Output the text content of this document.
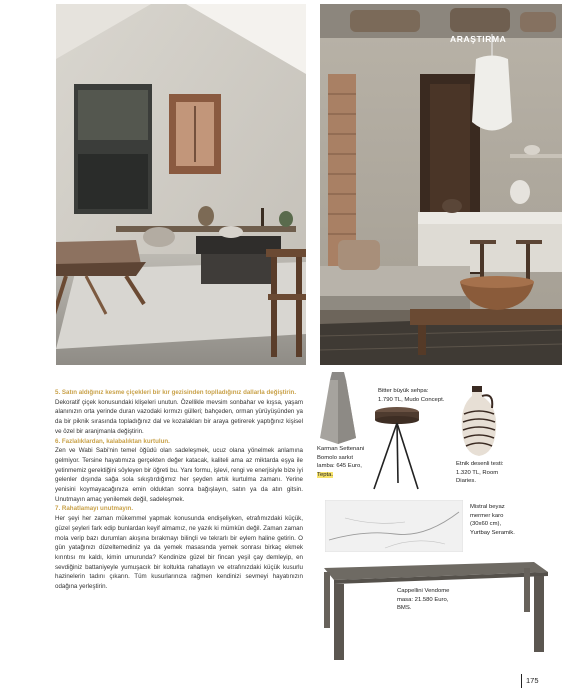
ARAŞTIRMA

5. Satın aldığınız kesme çiçekleri bir kır gezisinden toplladığınız dallarla değiştirin.

Dekoratif çiçek konusundaki klişeleri unutun. Özellikle mevsim sonbahar ve kışsa, yaşam alanınızın orta yerinde duran vazodaki kırmızı gülleri; bahçeden, orman yürüyüşünden ya da bir piknik sırasında topladığınız dal ve kozalakları bir araya getirerek yaptığınız kişisel ve özel bir aranjmanla değiştirin.

6. Fazlalıklardan, kalabalıktan kurtulun.

Zen ve Wabi Sabi'nin temel öğüdü olan sadeleşmek, ucuz olana yönelmek anlamına gelmiyor. Tersine hayatımıza gerçekten değer katacak, kaliteli ama az miktarda eşya ile yetinmemiz gerektiğini söyleyen bir öğreti bu. Yanı formu, işlevi, rengi ve enerjisiyle bize iyi gelenler dışında sağa sola sıkıştırdığımız her şeyden artık kurtulma zamanı. Yerine yenisini koymayacağınıza emin olduktan sonra bağışlayın, satın ya da atın gitsin. Unutmayın amaç yenilemek değil, sadeleşmek.

7. Rahatlamayı unutmayın.

Her şeyi her zaman mükemmel yapmak konusunda endişeliyken, etrafımızdaki küçük, güzel şeyleri fark edip bunlardan keyif almamız, ne yazık ki mümkün değil. Zaman zaman mola verip bazı durumları akışına bırakmayı bilinçli ve tekrarlı bir eylem haline getirin. O gün yatağınızı düzeltemediniz ya da yemek masasında yemek sonrası birkaç ekmek kırıntısı mı kaldı, kimin umurunda? Kendinize güzel bir fincan yeşil çay demleyip, en sevdiğiniz battaniyeyle yumuşacık bir koltukta rahatlayın ve etrafınızdaki küçük kusurlu hazinelerin tadını çıkarın. Tüm kusurlarınıza rağmen kendinizi sevmeyi hayatınızın odağına yerleştirin.

Karman Settenani
Bomolo sarkıt
lamba: 645 Euro,
Tepta.
Bitter büyük sehpa:
1.790 TL, Mudo Concept.
Etnik desenli testi:
1.320 TL, Room
Diaries.
Mistral beyaz
mermer karo
(30x60 cm),
Yurtbay Seramik.
Cappellini Vendome
masa: 21.580 Euro,
BMS.
175
